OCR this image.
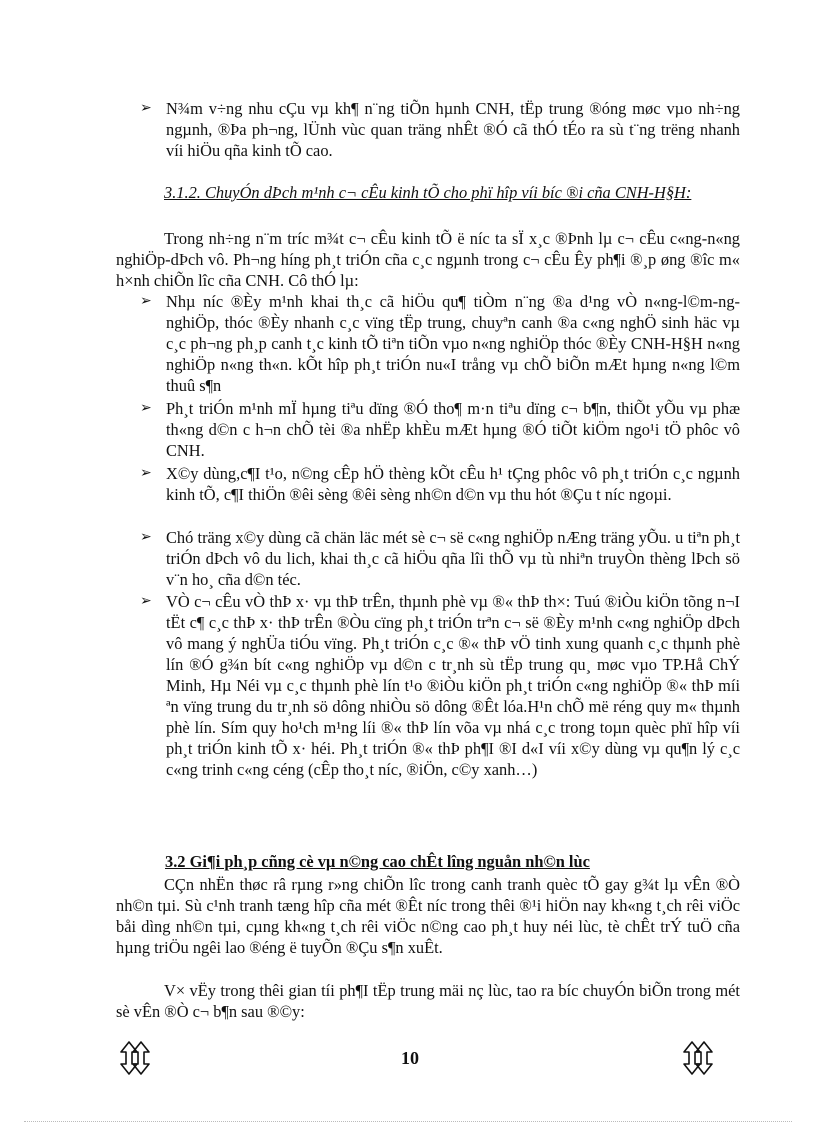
➢ N¾m v÷ng nhu cÇu vµ kh¶ n¨ng tiÕn hµnh CNH, tËp trung ®óng møc vµo nh÷ng ngµnh, ®Þa ph¬ng, lÜnh vùc quan träng nhÊt ®Ó cã thÓ tÉo ra sù t¨ng trëng nhanh víi hiÖu qña kinh tÕ cao.
3.1.2. ChuyÓn dÞch m¹nh c¬ cÊu kinh tÕ cho phï hîp víi bíc ®i cña CNH-H§H:
Trong nh÷ng n¨m tríc m¾t c¬ cÊu kinh tÕ ë níc ta sÏ x¸c ®Þnh lµ c¬ cÊu c«ng-n«ng nghiÖp-dÞch vô. Ph¬ng híng ph¸t triÓn cña c¸c ngµnh trong c¬ cÊu Êy ph¶i ®¸p øng ®îc m« h×nh chiÕn lîc cña CNH. Cô thÓ lµ:
➢ Nhµ níc ®Èy m¹nh khai th¸c cã hiÖu qu¶ tiÒm n¨ng ®a d¹ng vÒ n«ng-l©m-ng nghiÖp, thóc ®Èy nhanh c¸c vïng tËp trung, chuyªn canh ®a c«ng nghÖ sinh häc vµ c¸c ph¬ng ph¸p canh t¸c kinh tÕ tiªn tiÕn vµo n«ng nghiÖp thóc ®Èy CNH-H§H n«ng nghiÖp n«ng th«n. kÕt hîp ph¸t triÓn nu«I trång vµ chÕ biÕn mÆt hµng n«ng l©m thuû s¶n
➢ Ph¸t triÓn m¹nh mÏ hµng tiªu dïng ®Ó tho¶ m·n tiªu dïng c¬ b¶n, thiÕt yÕu vµ phæ th«ng d©n c h¬n chÕ tèi ®a nhËp khÈu mÆt hµng ®Ó tiÕt kiÖm ngo¹i tÖ phôc vô CNH.
➢ X©y dùng,c¶I t¹o, n©ng cÊp hÖ thèng kÕt cÊu h¹ tÇng phôc vô ph¸t triÓn c¸c ngµnh kinh tÕ, c¶I thiÖn ®êi sèng ®êi sèng nh©n d©n vµ thu hót ®Çu t níc ngoµi.
➢ Chó träng x©y dùng cã chän läc mét sè c¬ së c«ng nghiÖp nÆng träng yÕu. u tiªn ph¸t triÓn dÞch vô du lich, khai th¸c cã hiÖu qña lîi thÕ vµ tù nhiªn truyÒn thèng lÞch sö v¨n ho¸ cña d©n téc.
➢ VÒ c¬ cÊu vÒ thÞ x· vµ thÞ trÊn, thµnh phè vµ ®« thÞ th×: Tuú ®iÒu kiÖn tõng n¬I tËt c¶ c¸c thÞ x· thÞ trÊn ®Òu cïng ph¸t triÓn trªn c¬ së ®Èy m¹nh c«ng nghiÖp dÞch vô mang ý nghÜa tiÓu vïng. Ph¸t triÓn c¸c ®« thÞ vÖ tinh xung quanh c¸c thµnh phè lín ®Ó g¾n bít c«ng nghiÖp vµ d©n c tr¸nh sù tËp trung qu¸ møc vµo TP.Hå ChÝ Minh, Hµ Néi vµ c¸c thµnh phè lín t¹o ®iÒu kiÖn ph¸t triÓn c«ng nghiÖp ®« thÞ míi ªn vïng trung du tr¸nh sö dông nhiÒu sö dông ®Êt lóa.H¹n chÕ më réng quy m« thµnh phè lín. Sím quy ho¹ch m¹ng líi ®« thÞ lín võa vµ nhá c¸c trong toµn quèc phï hîp víi ph¸t triÓn kinh tÕ x· héi. Ph¸t triÓn ®« thÞ ph¶I ®I d«I víi x©y dùng vµ qu¶n lý c¸c c«ng trinh c«ng céng (cÊp tho¸t níc, ®iÖn, c©y xanh…)
3.2 Gi¶i ph¸p cñng cè vµ n©ng cao chÊt lîng nguån nh©n lùc
CÇn nhËn thøc râ rµng r»ng chiÕn lîc trong canh tranh quèc tÕ gay g¾t lµ vÊn ®Ò nh©n tµi. Sù c¹nh tranh tæng hîp cña mét ®Êt níc trong thêi ®¹i hiÖn nay kh«ng t¸ch rêi viÖc båi dìng nh©n tµi, cµng kh«ng t¸ch rêi viÖc n©ng cao ph¸t huy néi lùc, tè chÊt trÝ tuÖ cña hµng triÖu ngêi lao ®éng ë tuyÕn ®Çu s¶n xuÊt.
V× vËy trong thêi gian tíi ph¶I tËp trung mäi nç lùc, tao ra bíc chuyÓn biÕn trong mét sè vÊn ®Ò c¬ b¶n sau ®©y:
10
